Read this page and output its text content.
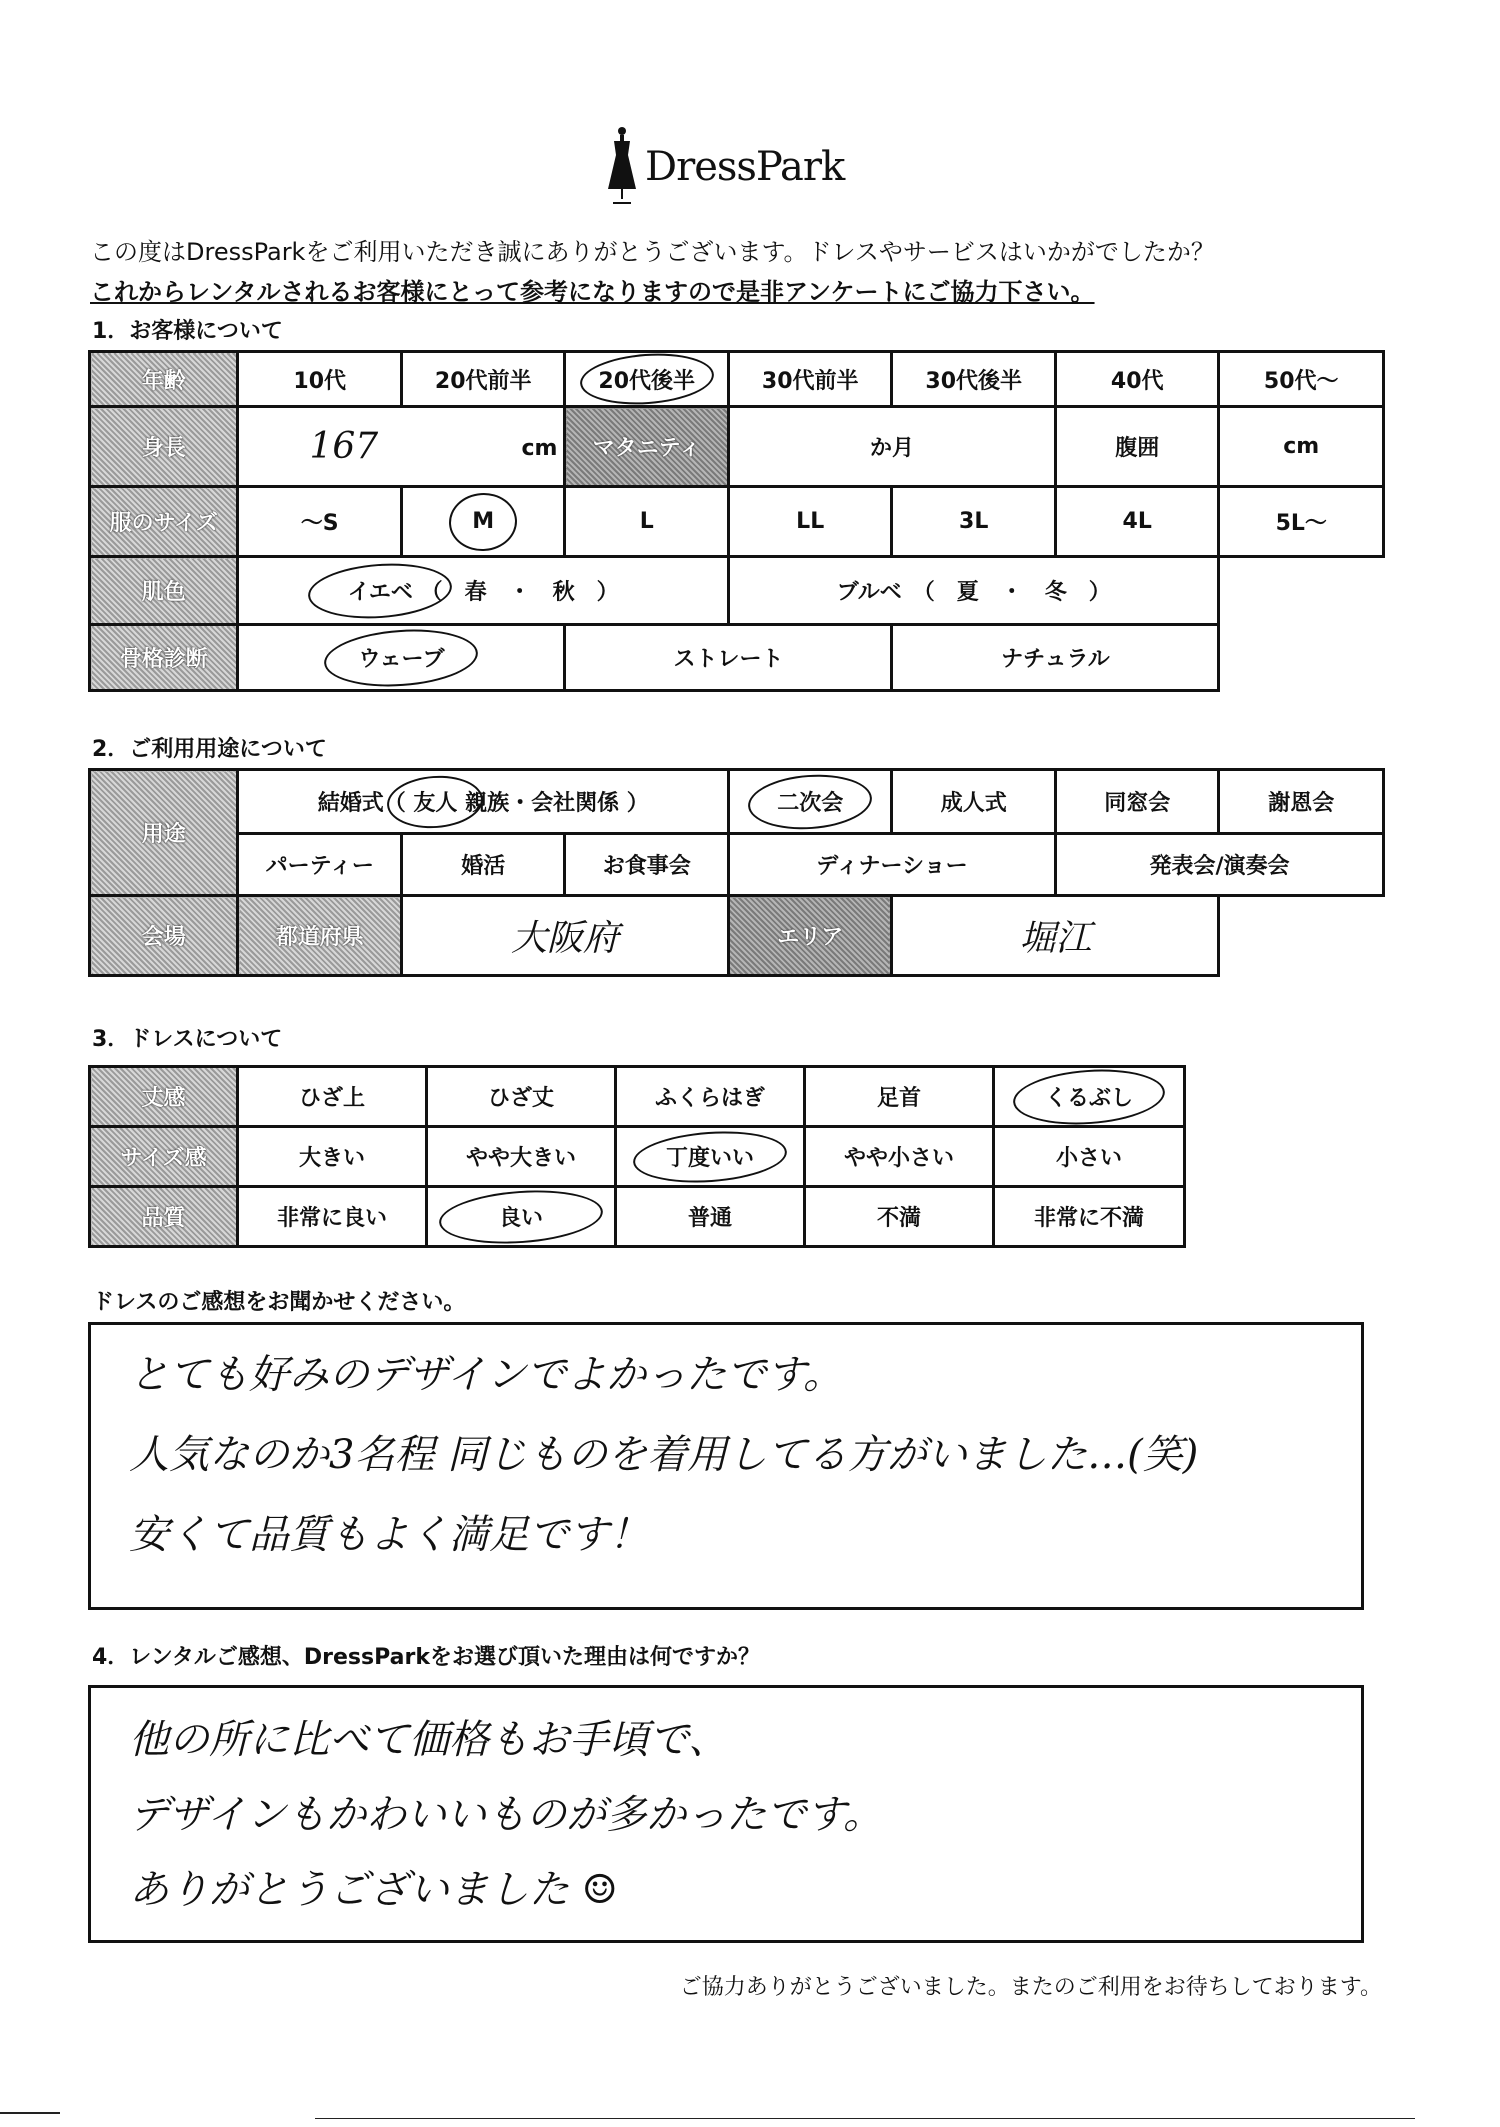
DressPark
この度はDressParkをご利用いただき誠にありがとうございます。ドレスやサービスはいかがでしたか？
これからレンタルされるお客様にとって参考になりますので是非アンケートにご協力下さい。
1．お客様について
年齢	10代	20代前半	20代後半	30代前半	30代後半	40代	50代～
身長	167 cm		マタニティ	か月		腹囲	cm
服のサイズ	～S	M	L	LL	3L	4L	5L～
肌色	イエベ （　春　・　秋　）			ブルベ　（　夏　・　冬　）			
骨格診断	ウェーブ		ストレート		ナチュラル		
2．ご利用用途について
用途	結婚式（ 友人 親族・会社関係 ）			二次会	成人式	同窓会	謝恩会
	パーティー	婚活	お食事会	ディナーショー		発表会/演奏会	
会場	都道府県	大阪府		エリア	堀江		
3．ドレスについて
丈感	ひざ上	ひざ丈	ふくらはぎ	足首	くるぶし

サイズ感	大きい	やや大きい	丁度いい	やや小さい	小さい
品質	非常に良い	良い	普通	不満	非常に不満
ドレスのご感想をお聞かせください。
とても好みのデザインでよかったです。
人気なのか3名程 同じものを着用してる方がいました…(笑)
安くて品質もよく満足です！
4．レンタルご感想、DressParkをお選び頂いた理由は何ですか？
他の所に比べて価格もお手頃で、
デザインもかわいいものが多かったです。
ありがとうございました ☺
ご協力ありがとうございました。またのご利用をお待ちしております。
